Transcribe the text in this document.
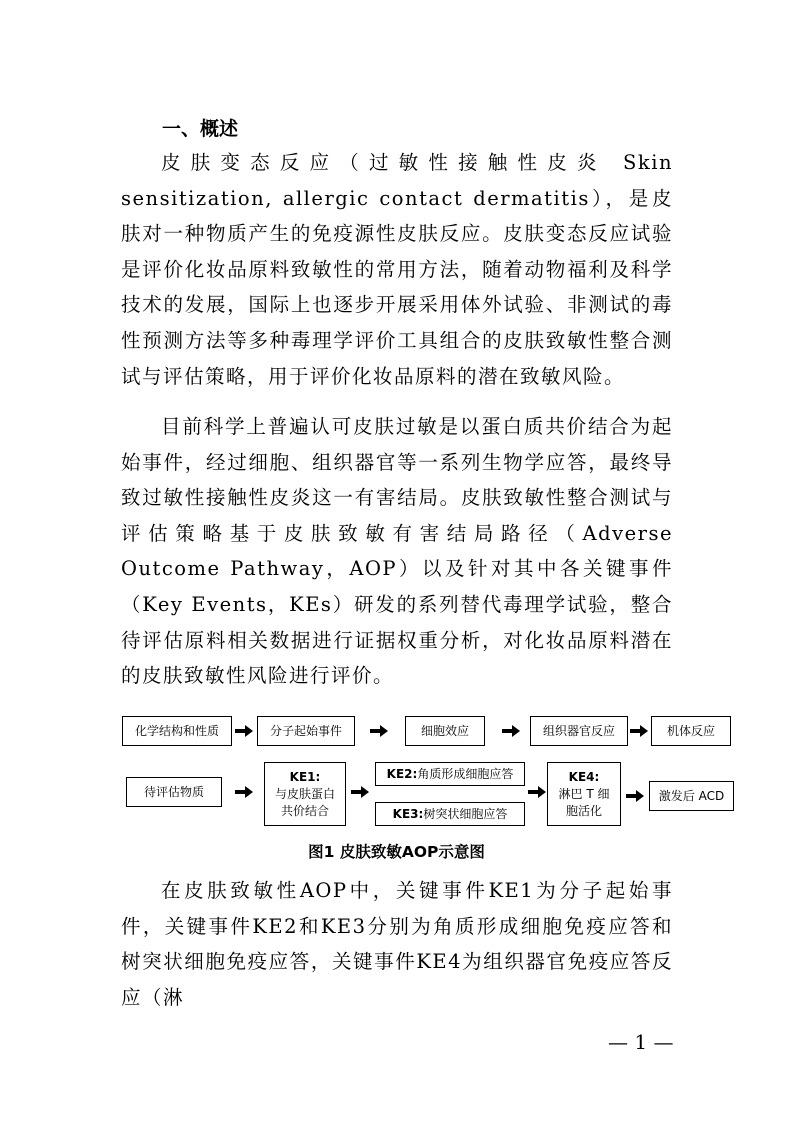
一、概述

皮肤变态反应（过敏性接触性皮炎 Skin sensitization, allergic contact dermatitis），是皮肤对一种物质产生的免疫源性皮肤反应。皮肤变态反应试验是评价化妆品原料致敏性的常用方法，随着动物福利及科学技术的发展，国际上也逐步开展采用体外试验、非测试的毒性预测方法等多种毒理学评价工具组合的皮肤致敏性整合测试与评估策略，用于评价化妆品原料的潜在致敏风险。

目前科学上普遍认可皮肤过敏是以蛋白质共价结合为起始事件，经过细胞、组织器官等一系列生物学应答，最终导致过敏性接触性皮炎这一有害结局。皮肤致敏性整合测试与评估策略基于皮肤致敏有害结局路径（Adverse Outcome Pathway，AOP）以及针对其中各关键事件（Key Events，KEs）研发的系列替代毒理学试验，整合待评估原料相关数据进行证据权重分析，对化妆品原料潜在的皮肤致敏性风险进行评价。

化学结构和性质	分子起始事件	细胞效应	组织器官反应	机体反应
待评估物质
KE1:
与皮肤蛋白共价结合
KE2: 角质形成细胞应答
KE3: 树突状细胞应答
KE4:
淋巴 T 细胞活化
激发后 ACD

图1 皮肤致敏AOP示意图

在皮肤致敏性AOP中，关键事件KE1为分子起始事件，关键事件KE2和KE3分别为角质形成细胞免疫应答和树突状细胞免疫应答，关键事件KE4为组织器官免疫应答反应（淋

— 1 —
